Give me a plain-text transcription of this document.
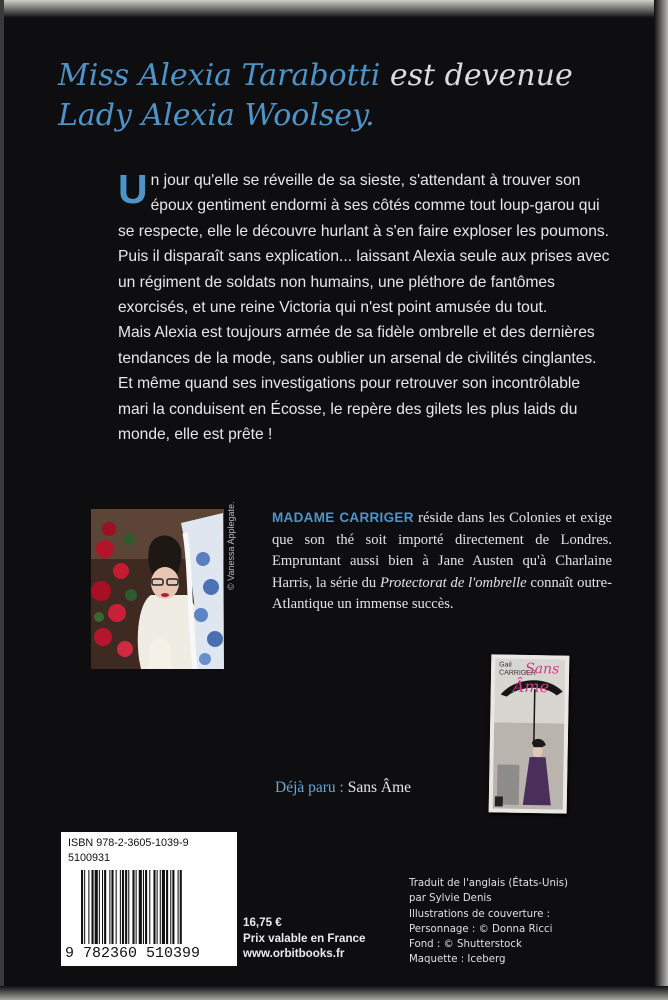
Miss Alexia Tarabotti est devenue
Lady Alexia Woolsey.

Un jour qu'elle se réveille de sa sieste, s'attendant à trouver son époux gentiment endormi à ses côtés comme tout loup-garou qui se respecte, elle le découvre hurlant à s'en faire exploser les poumons. Puis il disparaît sans explication... laissant Alexia seule aux prises avec un régiment de soldats non humains, une pléthore de fantômes exorcisés, et une reine Victoria qui n'est point amusée du tout.

Mais Alexia est toujours armée de sa fidèle ombrelle et des dernières tendances de la mode, sans oublier un arsenal de civilités cinglantes. Et même quand ses investigations pour retrouver son incontrôlable mari la conduisent en Écosse, le repère des gilets les plus laids du monde, elle est prête !

© Vanessa Applegate.	MADAME CARRIGER réside dans les Colonies et exige que son thé soit importé directement de Londres. Empruntant aussi bien à Jane Austen qu'à Charlaine Harris, la série du Protectorat de l'ombrelle connaît outre-Atlantique un immense succès.

Gail CARRIGER
Sans
Âme
Déjà paru : Sans Âme
ISBN 978-2-3605-1039-9
5100931
9 782360 510399
16,75 €
Prix valable en France
www.orbitbooks.fr
Traduit de l'anglais (États-Unis)
par Sylvie Denis
Illustrations de couverture :
Personnage : © Donna Ricci
Fond : © Shutterstock
Maquette : Iceberg
